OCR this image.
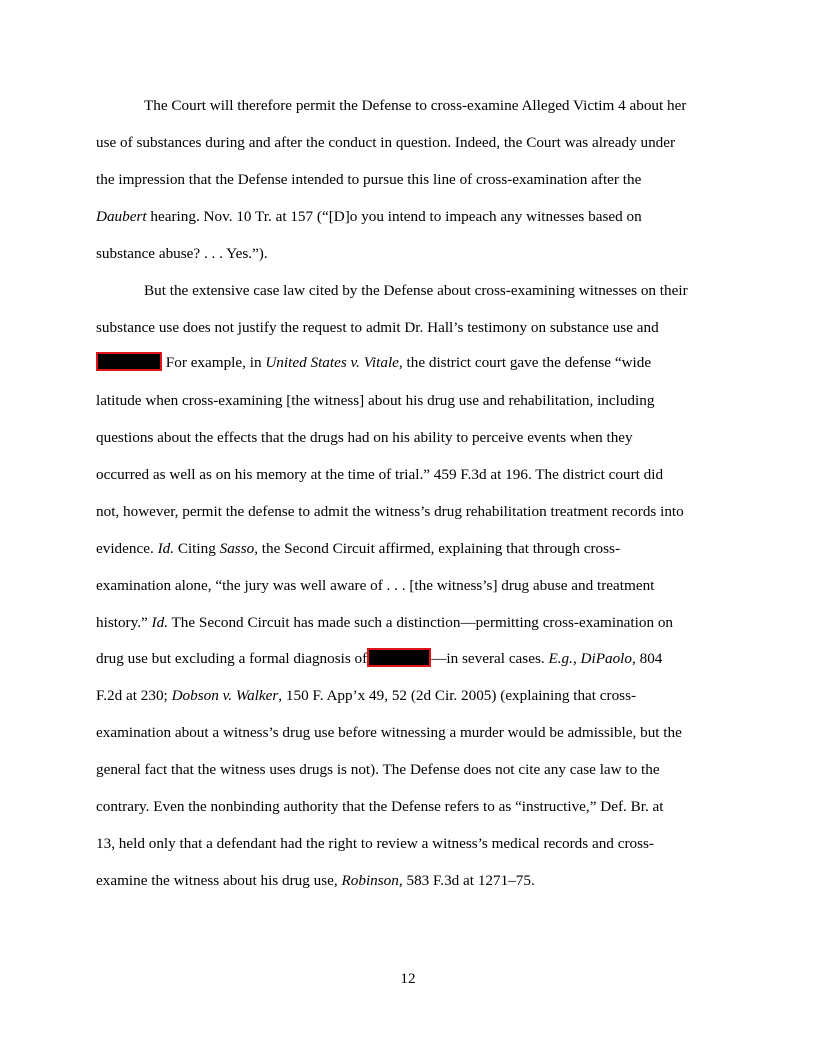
The Court will therefore permit the Defense to cross-examine Alleged Victim 4 about her
use of substances during and after the conduct in question. Indeed, the Court was already under
the impression that the Defense intended to pursue this line of cross-examination after the
Daubert hearing. Nov. 10 Tr. at 157 (“[D]o you intend to impeach any witnesses based on
substance abuse? . . . Yes.”).
But the extensive case law cited by the Defense about cross-examining witnesses on their
substance use does not justify the request to admit Dr. Hall’s testimony on substance use and
For example, in United States v. Vitale, the district court gave the defense “wide
latitude when cross-examining [the witness] about his drug use and rehabilitation, including
questions about the effects that the drugs had on his ability to perceive events when they
occurred as well as on his memory at the time of trial.” 459 F.3d at 196. The district court did
not, however, permit the defense to admit the witness’s drug rehabilitation treatment records into
evidence. Id. Citing Sasso, the Second Circuit affirmed, explaining that through cross-
examination alone, “the jury was well aware of . . . [the witness’s] drug abuse and treatment
history.” Id. The Second Circuit has made such a distinction—permitting cross-examination on
drug use but excluding a formal diagnosis of	—in several cases. E.g., DiPaolo, 804
F.2d at 230; Dobson v. Walker, 150 F. App’x 49, 52 (2d Cir. 2005) (explaining that cross-
examination about a witness’s drug use before witnessing a murder would be admissible, but the
general fact that the witness uses drugs is not). The Defense does not cite any case law to the
contrary. Even the nonbinding authority that the Defense refers to as “instructive,” Def. Br. at
13, held only that a defendant had the right to review a witness’s medical records and cross-
examine the witness about his drug use, Robinson, 583 F.3d at 1271–75.
12
